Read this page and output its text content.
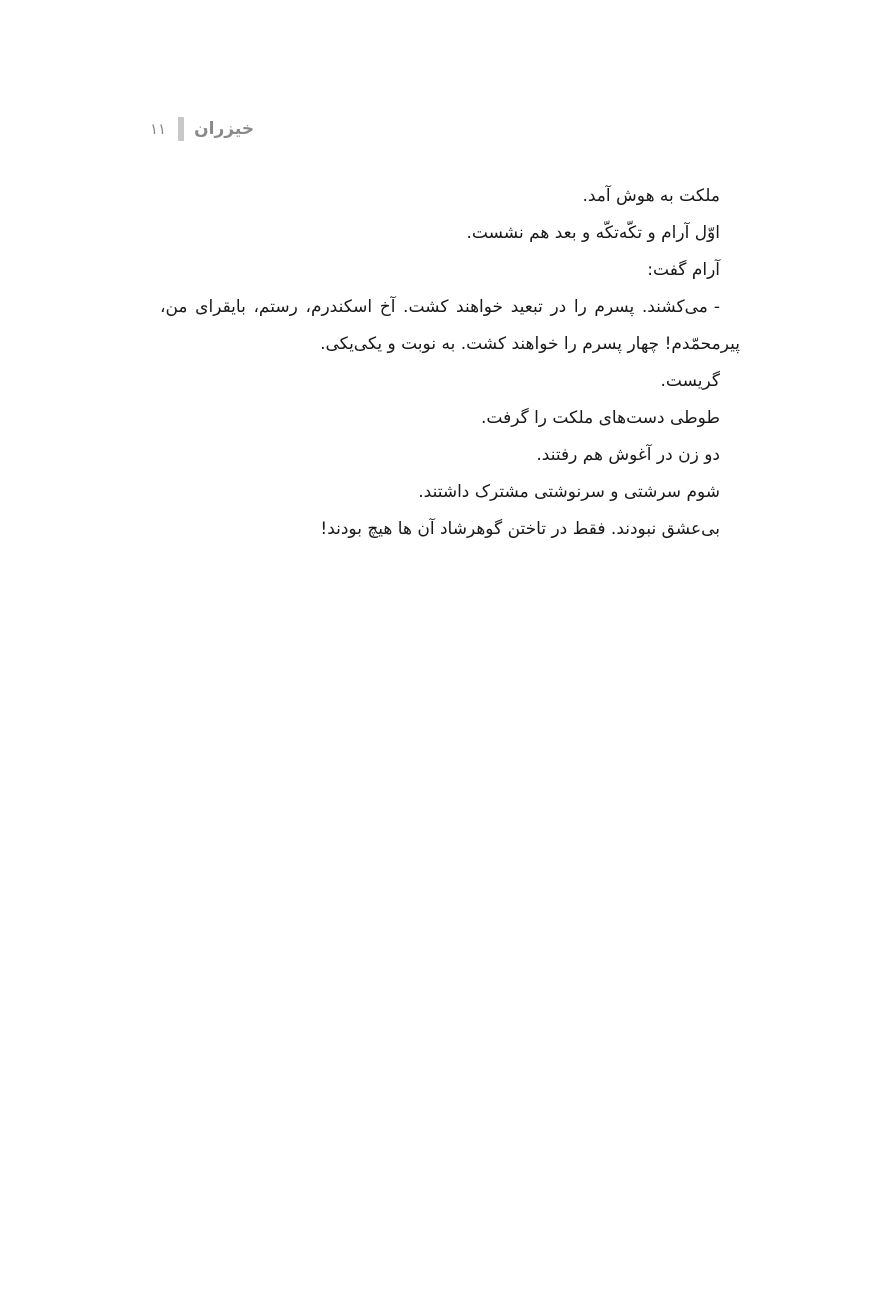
۱۱ خیزران

ملکت به هوش آمد.

اوّل آرام و تکّه‌تکّه و بعد هم نشست.

آرام گفت:

-می‌کشند. پسرم را در تبعید خواهند کشت. آخ اسکندرم، رستم، بایقرای من، پیرمحمّدم! چهار پسرم را خواهند کشت. به نوبت و یکی‌یکی.

گریست.

طوطی دست‌های ملکت را گرفت.

دو زن در آغوش هم رفتند.

شوم سرشتی و سرنوشتی مشترک داشتند.

بی‌عشق نبودند. فقط در تاختن گوهرشاد آن ها هیچ بودند!
